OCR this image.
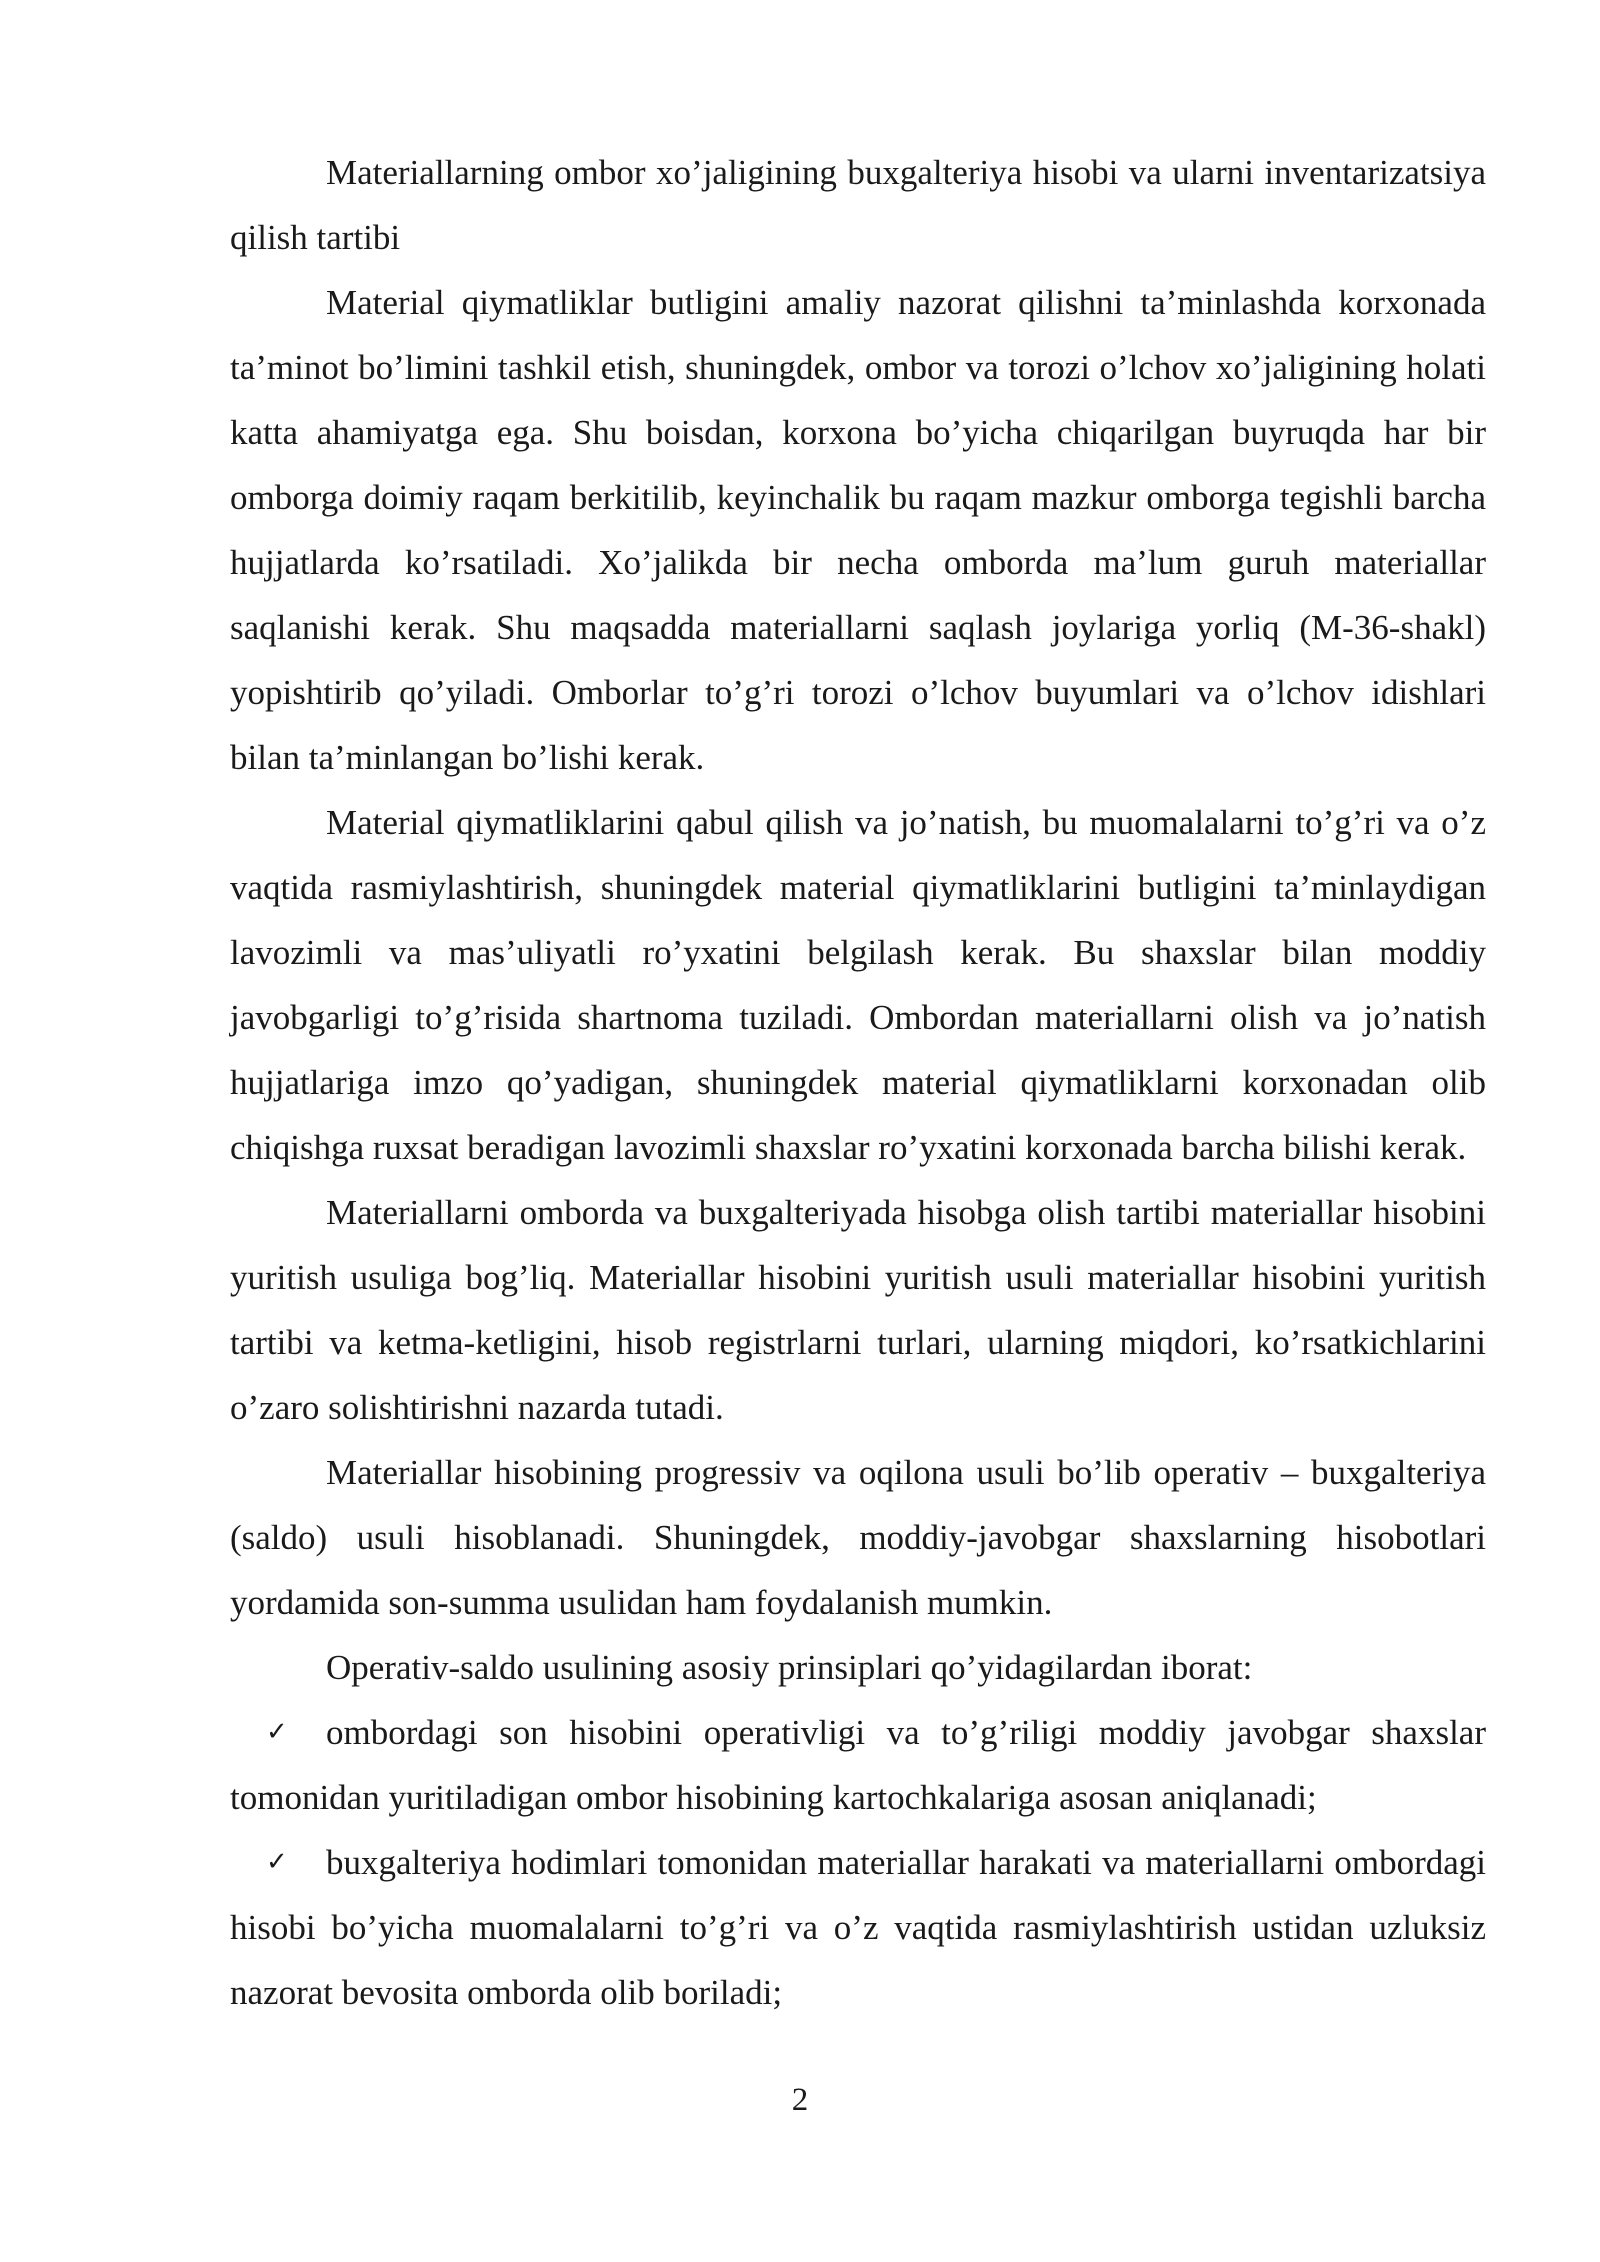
Materiallarning ombor xo’jaligining buxgalteriya hisobi va ularni inventarizatsiya qilish tartibi

Material qiymatliklar butligini amaliy nazorat qilishni ta’minlashda korxonada ta’minot bo’limini tashkil etish, shuningdek, ombor va torozi o’lchov xo’jaligining holati katta ahamiyatga ega. Shu boisdan, korxona bo’yicha chiqarilgan buyruqda har bir omborga doimiy raqam berkitilib, keyinchalik bu raqam mazkur omborga tegishli barcha hujjatlarda ko’rsatiladi. Xo’jalikda bir necha omborda ma’lum guruh materiallar saqlanishi kerak. Shu maqsadda materiallarni saqlash joylariga yorliq (M-36-shakl) yopishtirib qo’yiladi. Omborlar to’g’ri torozi o’lchov buyumlari va o’lchov idishlari bilan ta’minlangan bo’lishi kerak.

Material qiymatliklarini qabul qilish va jo’natish, bu muomalalarni to’g’ri va o’z vaqtida rasmiylashtirish, shuningdek material qiymatliklarini butligini ta’minlaydigan lavozimli va mas’uliyatli ro’yxatini belgilash kerak. Bu shaxslar bilan moddiy javobgarligi to’g’risida shartnoma tuziladi. Ombordan materiallarni olish va jo’natish hujjatlariga imzo qo’yadigan, shuningdek material qiymatliklarni korxonadan olib chiqishga ruxsat beradigan lavozimli shaxslar ro’yxatini korxonada barcha bilishi kerak.

Materiallarni omborda va buxgalteriyada hisobga olish tartibi materiallar hisobini yuritish usuliga bog’liq. Materiallar hisobini yuritish usuli materiallar hisobini yuritish tartibi va ketma-ketligini, hisob registrlarni turlari, ularning miqdori, ko’rsatkichlarini o’zaro solishtirishni nazarda tutadi.

Materiallar hisobining progressiv va oqilona usuli bo’lib operativ – buxgalteriya (saldo) usuli hisoblanadi. Shuningdek, moddiy-javobgar shaxslarning hisobotlari yordamida son-summa usulidan ham foydalanish mumkin.

Operativ-saldo usulining asosiy prinsiplari qo’yidagilardan iborat:

✓ ombordagi son hisobini operativligi va to’g’riligi moddiy javobgar shaxslar tomonidan yuritiladigan ombor hisobining kartochkalariga asosan aniqlanadi;
✓ buxgalteriya hodimlari tomonidan materiallar harakati va materiallarni ombordagi hisobi bo’yicha muomalalarni to’g’ri va o’z vaqtida rasmiylashtirish ustidan uzluksiz nazorat bevosita omborda olib boriladi;
2
